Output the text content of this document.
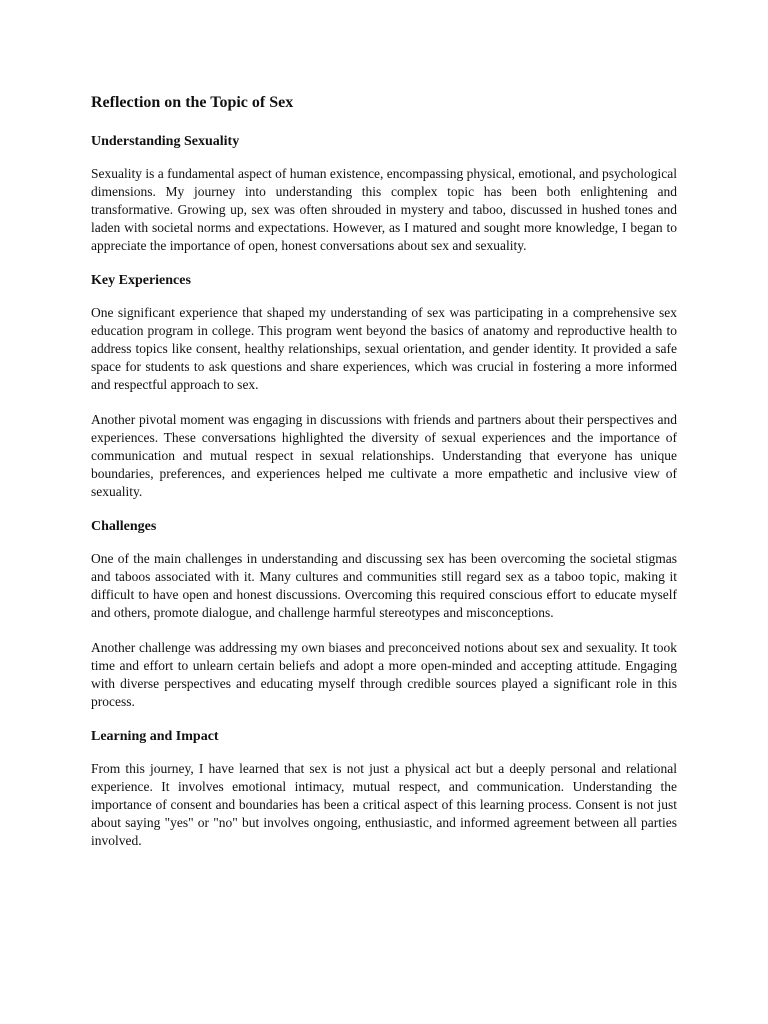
Reflection on the Topic of Sex
Understanding Sexuality

Sexuality is a fundamental aspect of human existence, encompassing physical, emotional, and psychological dimensions. My journey into understanding this complex topic has been both enlightening and transformative. Growing up, sex was often shrouded in mystery and taboo, discussed in hushed tones and laden with societal norms and expectations. However, as I matured and sought more knowledge, I began to appreciate the importance of open, honest conversations about sex and sexuality.

Key Experiences

One significant experience that shaped my understanding of sex was participating in a comprehensive sex education program in college. This program went beyond the basics of anatomy and reproductive health to address topics like consent, healthy relationships, sexual orientation, and gender identity. It provided a safe space for students to ask questions and share experiences, which was crucial in fostering a more informed and respectful approach to sex.

Another pivotal moment was engaging in discussions with friends and partners about their perspectives and experiences. These conversations highlighted the diversity of sexual experiences and the importance of communication and mutual respect in sexual relationships. Understanding that everyone has unique boundaries, preferences, and experiences helped me cultivate a more empathetic and inclusive view of sexuality.

Challenges

One of the main challenges in understanding and discussing sex has been overcoming the societal stigmas and taboos associated with it. Many cultures and communities still regard sex as a taboo topic, making it difficult to have open and honest discussions. Overcoming this required conscious effort to educate myself and others, promote dialogue, and challenge harmful stereotypes and misconceptions.

Another challenge was addressing my own biases and preconceived notions about sex and sexuality. It took time and effort to unlearn certain beliefs and adopt a more open-minded and accepting attitude. Engaging with diverse perspectives and educating myself through credible sources played a significant role in this process.

Learning and Impact

From this journey, I have learned that sex is not just a physical act but a deeply personal and relational experience. It involves emotional intimacy, mutual respect, and communication. Understanding the importance of consent and boundaries has been a critical aspect of this learning process. Consent is not just about saying "yes" or "no" but involves ongoing, enthusiastic, and informed agreement between all parties involved.
